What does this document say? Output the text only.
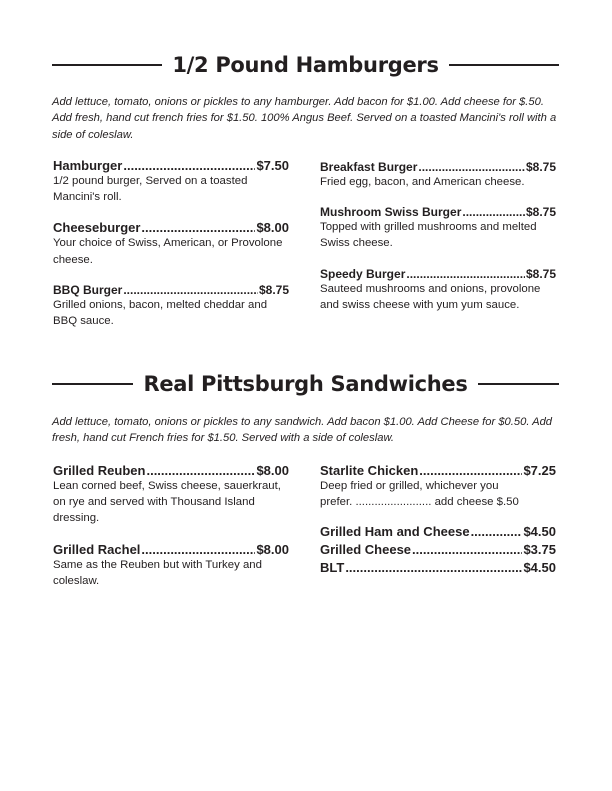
1/2 Pound Hamburgers

Add lettuce, tomato, onions or pickles to any hamburger. Add bacon for $1.00. Add cheese for $.50. Add fresh, hand cut french fries for $1.50. 100% Angus Beef. Served on a toasted Mancini's roll with a side of coleslaw.

Hamburger .....	$7.50
1/2 pound burger, Served on a toasted Mancini's roll.
Cheeseburger .....	$8.00
Your choice of Swiss, American, or Provolone cheese.
BBQ Burger .....	$8.75
Grilled onions, bacon, melted cheddar and BBQ sauce.
Breakfast Burger .....	$8.75
Fried egg, bacon, and American cheese.
Mushroom Swiss Burger .....	$8.75
Topped with grilled mushrooms and melted Swiss cheese.
Speedy Burger .....	$8.75
Sauteed mushrooms and onions, provolone and swiss cheese with yum yum sauce.
Real Pittsburgh Sandwiches

Add lettuce, tomato, onions or pickles to any sandwich. Add bacon $1.00. Add Cheese for $0.50. Add fresh, hand cut French fries for $1.50. Served with a side of coleslaw.

Grilled Reuben .....	$8.00
Lean corned beef, Swiss cheese, sauerkraut, on rye and served with Thousand Island dressing.
Grilled Rachel .....	$8.00
Same as the Reuben but with Turkey and coleslaw.
Starlite Chicken .....	$7.25
Deep fried or grilled, whichever you
prefer. ........................ add cheese $.50
Grilled Ham and Cheese .....	$4.50
Grilled Cheese .....	$3.75
BLT .....	$4.50
